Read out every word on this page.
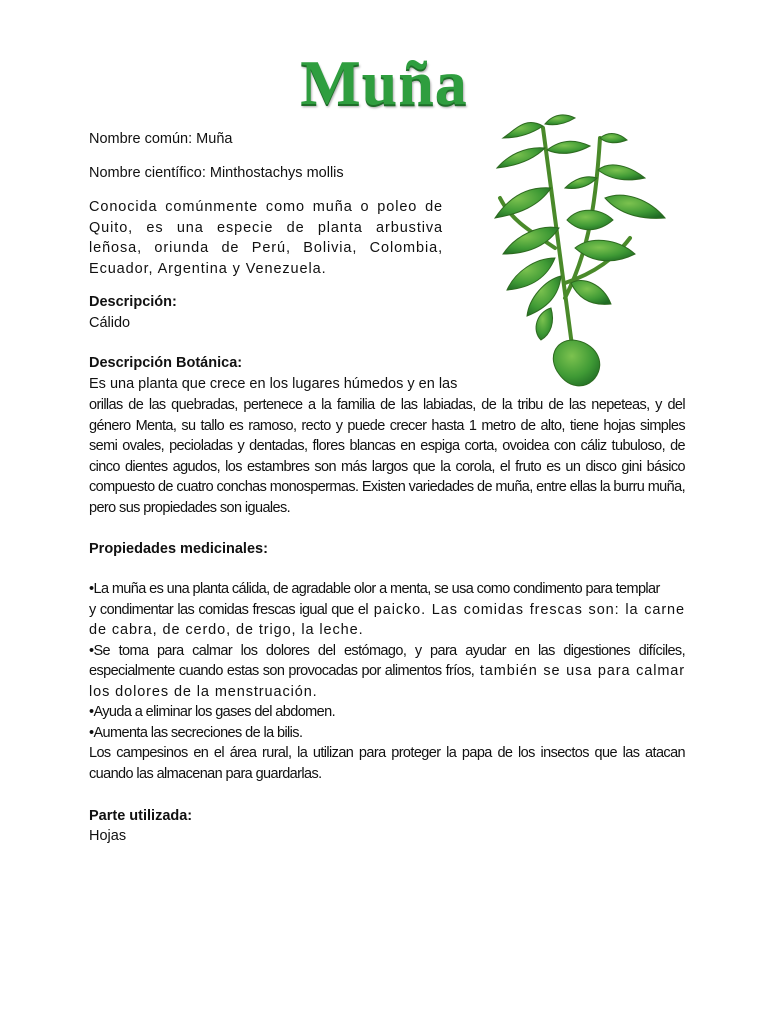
Muña

Nombre común: Muña

Nombre científico: Minthostachys mollis

Conocida comúnmente como muña o poleo de Quito, es una especie de planta arbustiva leñosa, oriunda de Perú, Bolivia, Colombia, Ecuador, Argentina y Venezuela.

Descripción:

Cálido

Descripción Botánica:

Es una planta que crece en los lugares húmedos y en las

orillas de las quebradas, pertenece a la familia de las labiadas, de la tribu de las nepeteas, y del género Menta, su tallo es ramoso, recto y puede crecer hasta 1 metro de alto, tiene hojas simples semi ovales, pecioladas y dentadas, flores blancas en espiga corta, ovoidea con cáliz tubuloso, de cinco dientes agudos, los estambres son más largos que la corola, el fruto es un disco gini básico compuesto de cuatro conchas monospermas. Existen variedades de muña, entre ellas la burru muña, pero sus propiedades son iguales.

Propiedades medicinales:

•La muña es una planta cálida, de agradable olor a menta, se usa como condimento para templar
y condimentar las comidas frescas igual que el paicko. Las comidas frescas son: la carne de cabra, de cerdo, de trigo, la leche.
•Se toma para calmar los dolores del estómago, y para ayudar en las digestiones difíciles, especialmente cuando estas son provocadas por alimentos fríos, también se usa para calmar los dolores de la menstruación.
•Ayuda a eliminar los gases del abdomen.
•Aumenta las secreciones de la bilis.
Los campesinos en el área rural, la utilizan para proteger la papa de los insectos que las atacan cuando las almacenan para guardarlas.

Parte utilizada:

Hojas
